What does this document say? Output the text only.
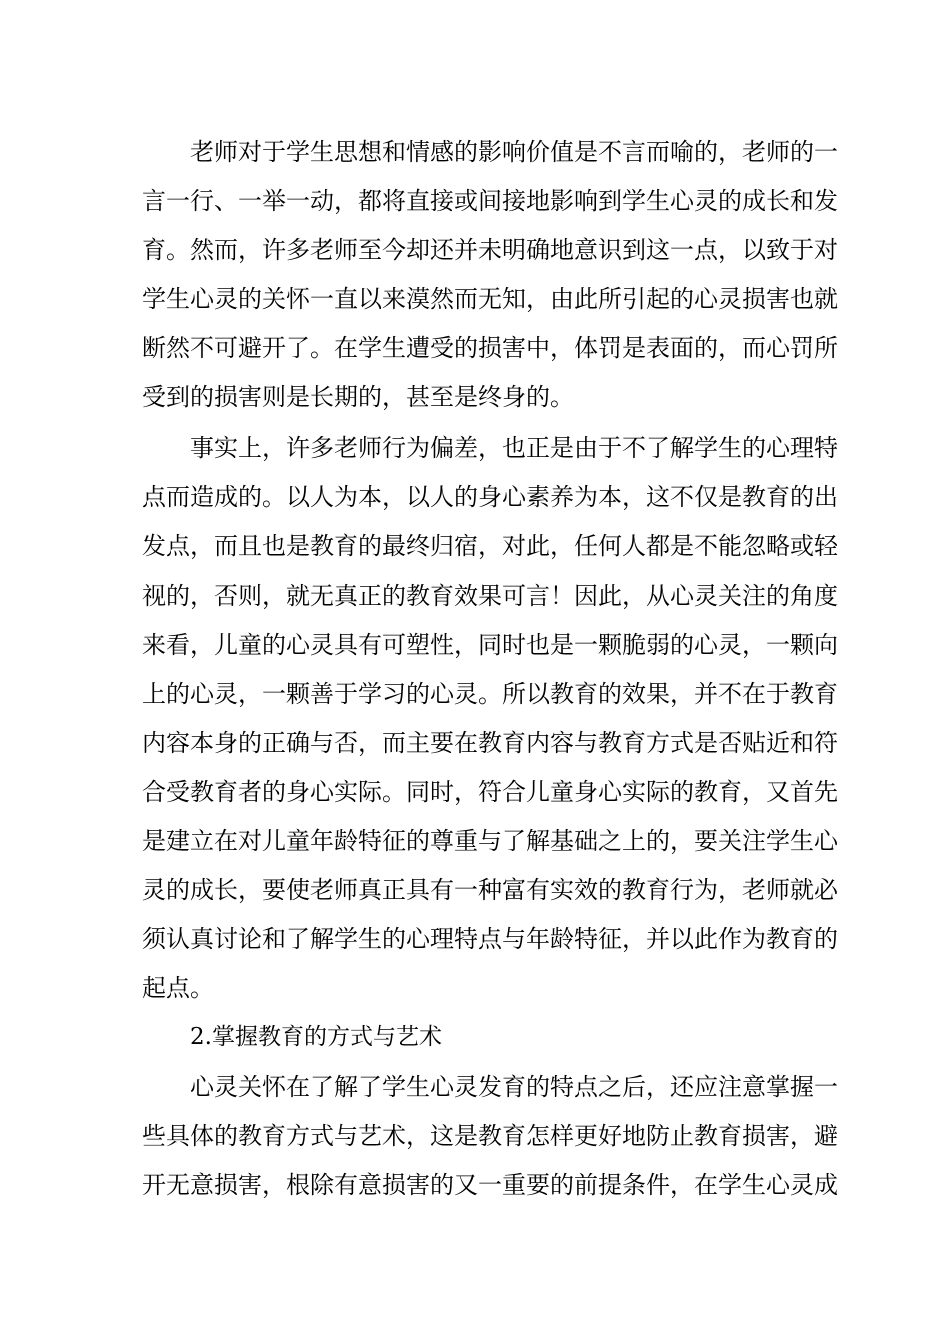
老师对于学生思想和情感的影响价值是不言而喻的，老师的一
言一行、一举一动，都将直接或间接地影响到学生心灵的成长和发
育。然而，许多老师至今却还并未明确地意识到这一点，以致于对
学生心灵的关怀一直以来漠然而无知，由此所引起的心灵损害也就
断然不可避开了。在学生遭受的损害中，体罚是表面的，而心罚所
受到的损害则是长期的，甚至是终身的。
事实上，许多老师行为偏差，也正是由于不了解学生的心理特
点而造成的。以人为本，以人的身心素养为本，这不仅是教育的出
发点，而且也是教育的最终归宿，对此，任何人都是不能忽略或轻
视的，否则，就无真正的教育效果可言！因此，从心灵关注的角度
来看，儿童的心灵具有可塑性，同时也是一颗脆弱的心灵，一颗向
上的心灵，一颗善于学习的心灵。所以教育的效果，并不在于教育
内容本身的正确与否，而主要在教育内容与教育方式是否贴近和符
合受教育者的身心实际。同时，符合儿童身心实际的教育，又首先
是建立在对儿童年龄特征的尊重与了解基础之上的，要关注学生心
灵的成长，要使老师真正具有一种富有实效的教育行为，老师就必
须认真讨论和了解学生的心理特点与年龄特征，并以此作为教育的
起点。
2.掌握教育的方式与艺术
心灵关怀在了解了学生心灵发育的特点之后，还应注意掌握一
些具体的教育方式与艺术，这是教育怎样更好地防止教育损害，避
开无意损害，根除有意损害的又一重要的前提条件，在学生心灵成
